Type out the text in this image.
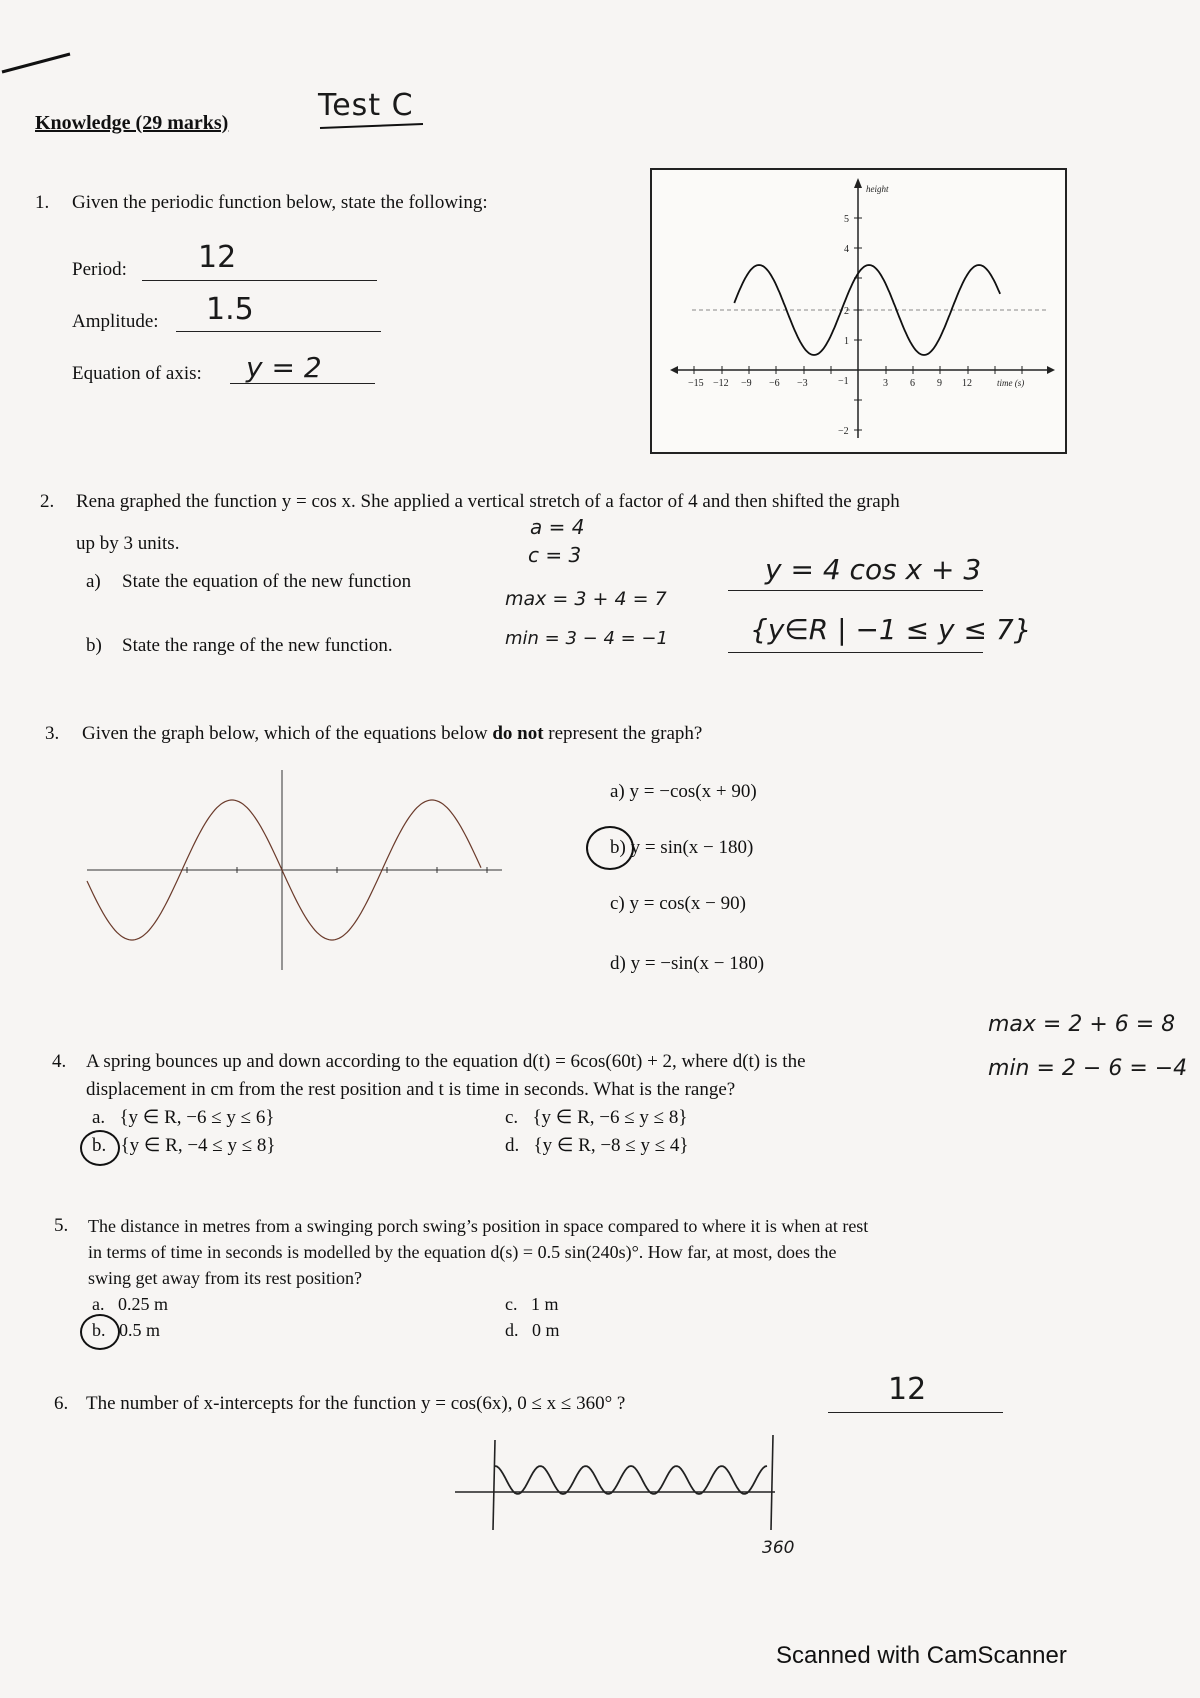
Knowledge (29 marks)	Test C
1. Given the periodic function below, state the following:
Period: 12
Amplitude: 1.5
Equation of axis: y = 2	−15 −12 −9 −6 −3	3 6 9 12
5
4
2
1
−1
−2
height
time (s)
2. Rena graphed the function y = cos x. She applied a vertical stretch of a factor of 4 and then shifted the graph
up by 3 units.
a = 4
c = 3
a) State the equation of the new function
max = 3 + 4 = 7
y = 4 cos x + 3
b) State the range of the new function.	min = 3 − 4 = −1	{y∈R | −1 ≤ y ≤ 7}
3. Given the graph below, which of the equations below do not represent the graph?
a) y = −cos(x + 90)
b) y = sin(x − 180)
c) y = cos(x − 90)
d) y = −sin(x − 180)
max = 2 + 6 = 8
min = 2 − 6 = −4
4. A spring bounces up and down according to the equation d(t) = 6cos(60t) + 2, where d(t) is the
displacement in cm from the rest position and t is time in seconds. What is the range?
a. {y ∈ R, −6 ≤ y ≤ 6}	c. {y ∈ R, −6 ≤ y ≤ 8}
b. {y ∈ R, −4 ≤ y ≤ 8}	d. {y ∈ R, −8 ≤ y ≤ 4}
5. The distance in metres from a swinging porch swing’s position in space compared to where it is when at rest
in terms of time in seconds is modelled by the equation d(s) = 0.5 sin(240s)°. How far, at most, does the
swing get away from its rest position?
a. 0.25 m	c. 1 m
b. 0.5 m	d. 0 m
6. The number of x-intercepts for the function y = cos(6x), 0 ≤ x ≤ 360° ?	12
360
Scanned with CamScanner
